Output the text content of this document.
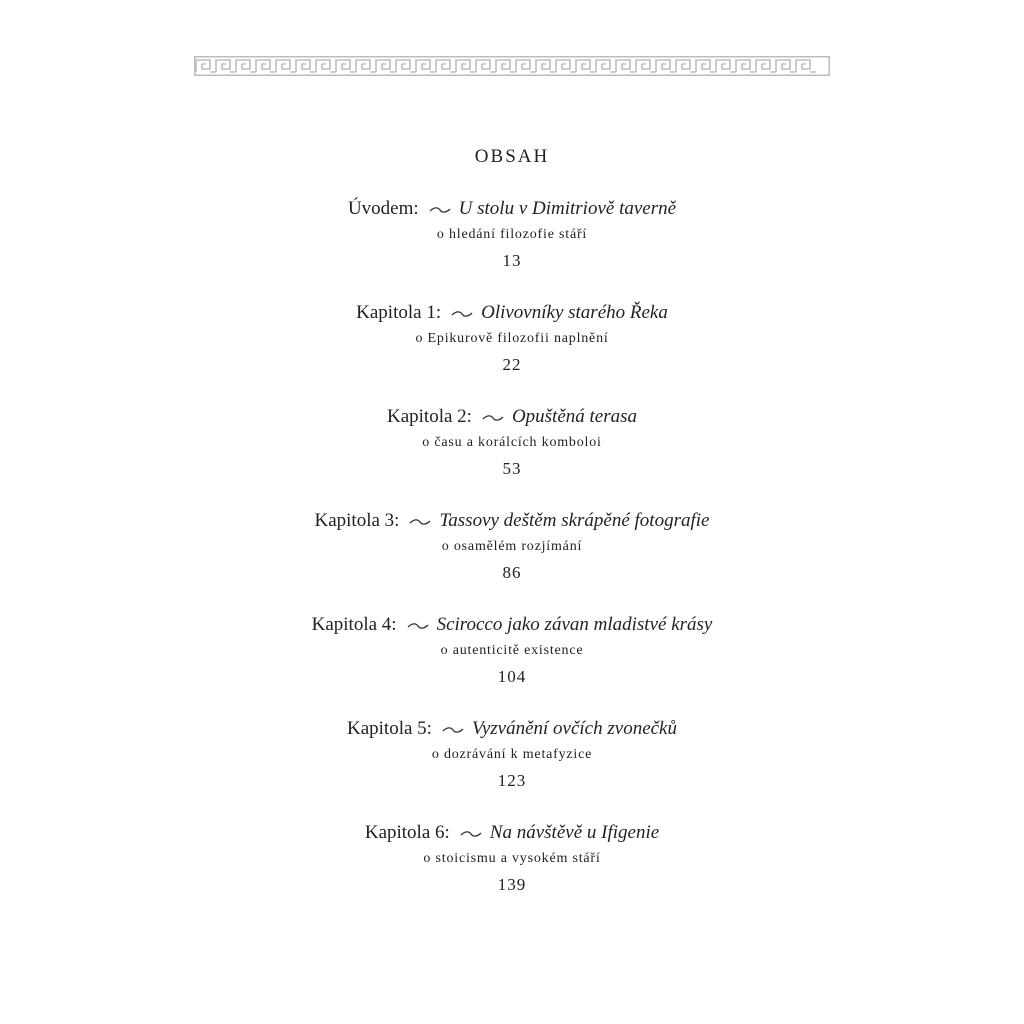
OBSAH
Úvodem: U stolu v Dimitriově taverně
o hledání filozofie stáří
13
Kapitola 1: Olivovníky starého Řeka
o Epikurově filozofii naplnění
22
Kapitola 2: Opuštěná terasa
o času a korálcích komboloi
53
Kapitola 3: Tassovy deštěm skrápěné fotografie
o osamělém rozjímání
86
Kapitola 4: Scirocco jako závan mladistvé krásy
o autenticitě existence
104
Kapitola 5: Vyzvánění ovčích zvonečků
o dozrávání k metafyzice
123
Kapitola 6: Na návštěvě u Ifigenie
o stoicismu a vysokém stáří
139
